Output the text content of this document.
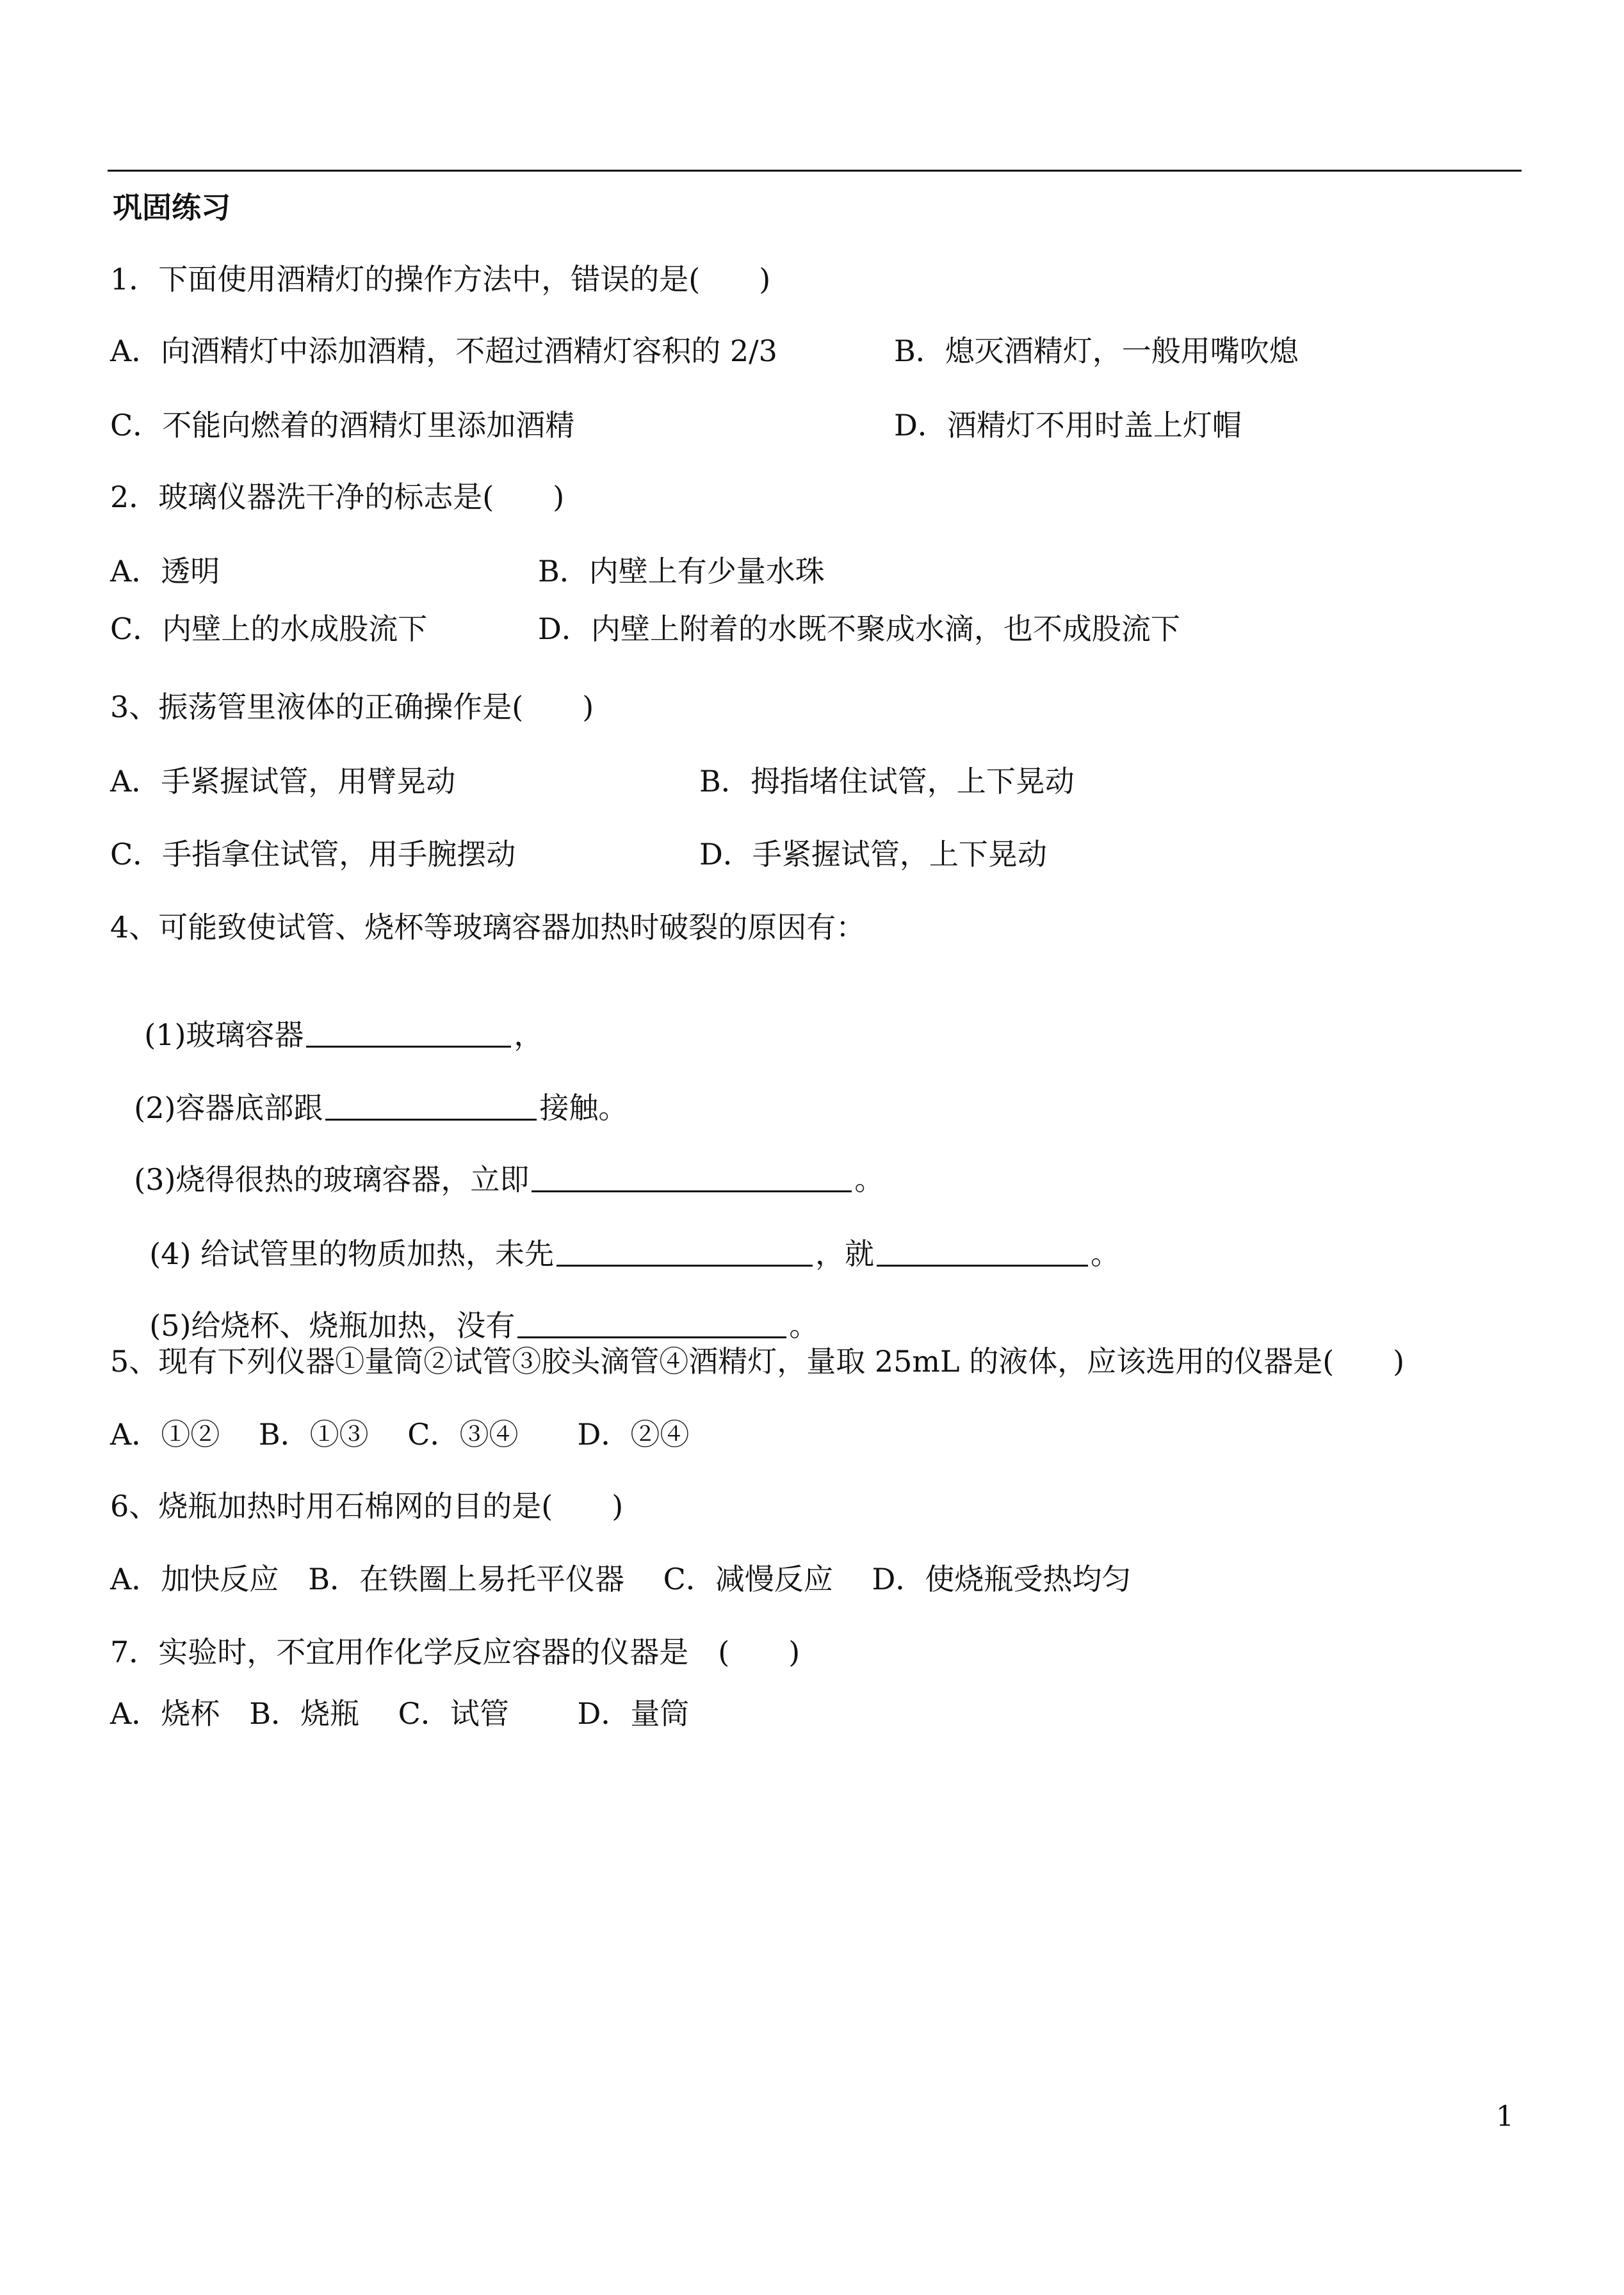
巩固练习
1．下面使用酒精灯的操作方法中，错误的是(　　)
A．向酒精灯中添加酒精，不超过酒精灯容积的 2/3	B．熄灭酒精灯，一般用嘴吹熄
C．不能向燃着的酒精灯里添加酒精	D．酒精灯不用时盖上灯帽
2．玻璃仪器洗干净的标志是(　　)
A．透明	B．内壁上有少量水珠
C．内壁上的水成股流下	D．内壁上附着的水既不聚成水滴，也不成股流下
3、振荡管里液体的正确操作是(　　)
A．手紧握试管，用臂晃动	B．拇指堵住试管，上下晃动
C．手指拿住试管，用手腕摆动	D．手紧握试管，上下晃动
4、可能致使试管、烧杯等玻璃容器加热时破裂的原因有：

(1)玻璃容器	，

(2)容器底部跟	接触。

(3)烧得很热的玻璃容器，立即	。

(4) 给试管里的物质加热，未先	，就	。

(5)给烧杯、烧瓶加热，没有	。

5、现有下列仪器①量筒②试管③胶头滴管④酒精灯，量取 25mL 的液体，应该选用的仪器是(　　)
A．①②　 B．①③　 C．③④　　D．②④
6、烧瓶加热时用石棉网的目的是(　　)
A．加快反应　B．在铁圈上易托平仪器　 C．减慢反应　 D．使烧瓶受热均匀
7．实验时，不宜用作化学反应容器的仪器是　(　　)
A．烧杯　B．烧瓶　 C．试管　　 D．量筒
1
